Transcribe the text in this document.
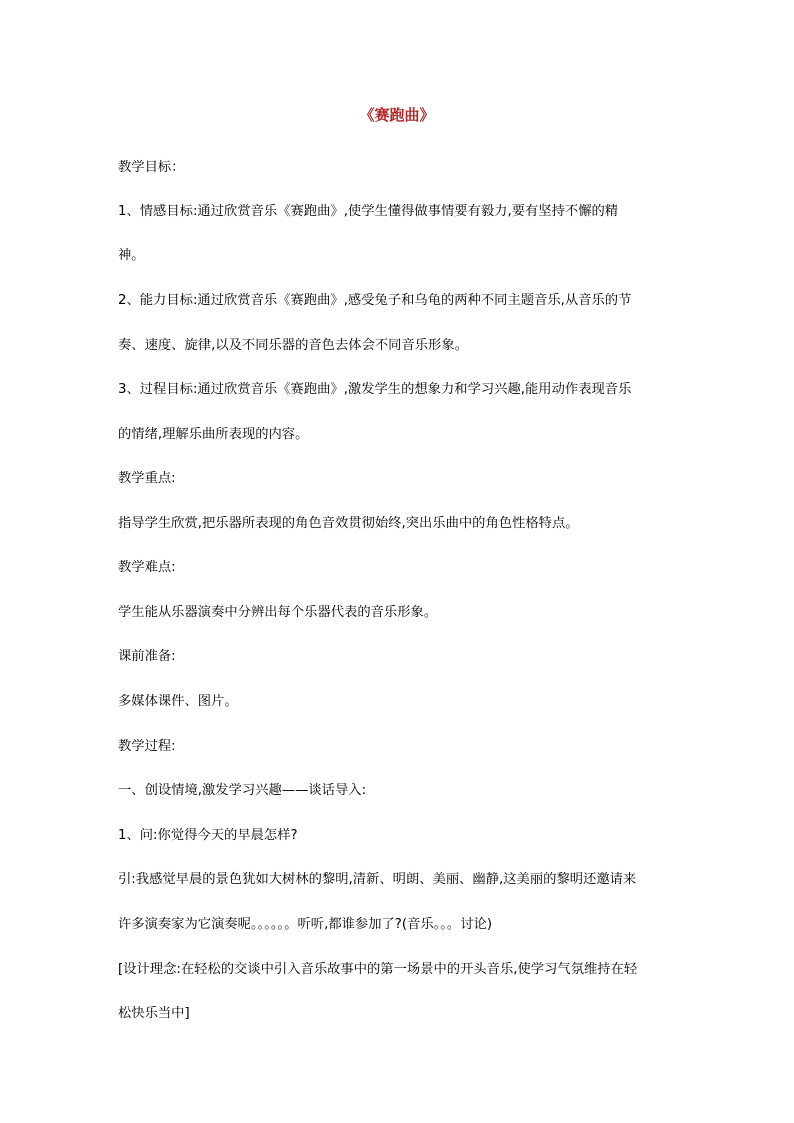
《赛跑曲》
教学目标：
1、情感目标:通过欣赏音乐《赛跑曲》,使学生懂得做事情要有毅力,要有坚持不懈的精
神。
2、能力目标:通过欣赏音乐《赛跑曲》,感受兔子和乌龟的两种不同主题音乐,从音乐的节
奏、速度、旋律,以及不同乐器的音色去体会不同音乐形象。
3、过程目标:通过欣赏音乐《赛跑曲》,激发学生的想象力和学习兴趣,能用动作表现音乐
的情绪,理解乐曲所表现的内容。
教学重点:
指导学生欣赏,把乐器所表现的角色音效贯彻始终,突出乐曲中的角色性格特点。
教学难点:
学生能从乐器演奏中分辨出每个乐器代表的音乐形象。
课前准备:
多媒体课件、图片。
教学过程:
一、创设情境,激发学习兴趣——谈话导入:
1、问:你觉得今天的早晨怎样?
引:我感觉早晨的景色犹如大树林的黎明,清新、明朗、美丽、幽静,这美丽的黎明还邀请来
许多演奏家为它演奏呢。。。。。。听听,都谁参加了?(音乐。。。讨论)
[设计理念:在轻松的交谈中引入音乐故事中的第一场景中的开头音乐,使学习气氛维持在轻
松快乐当中]
